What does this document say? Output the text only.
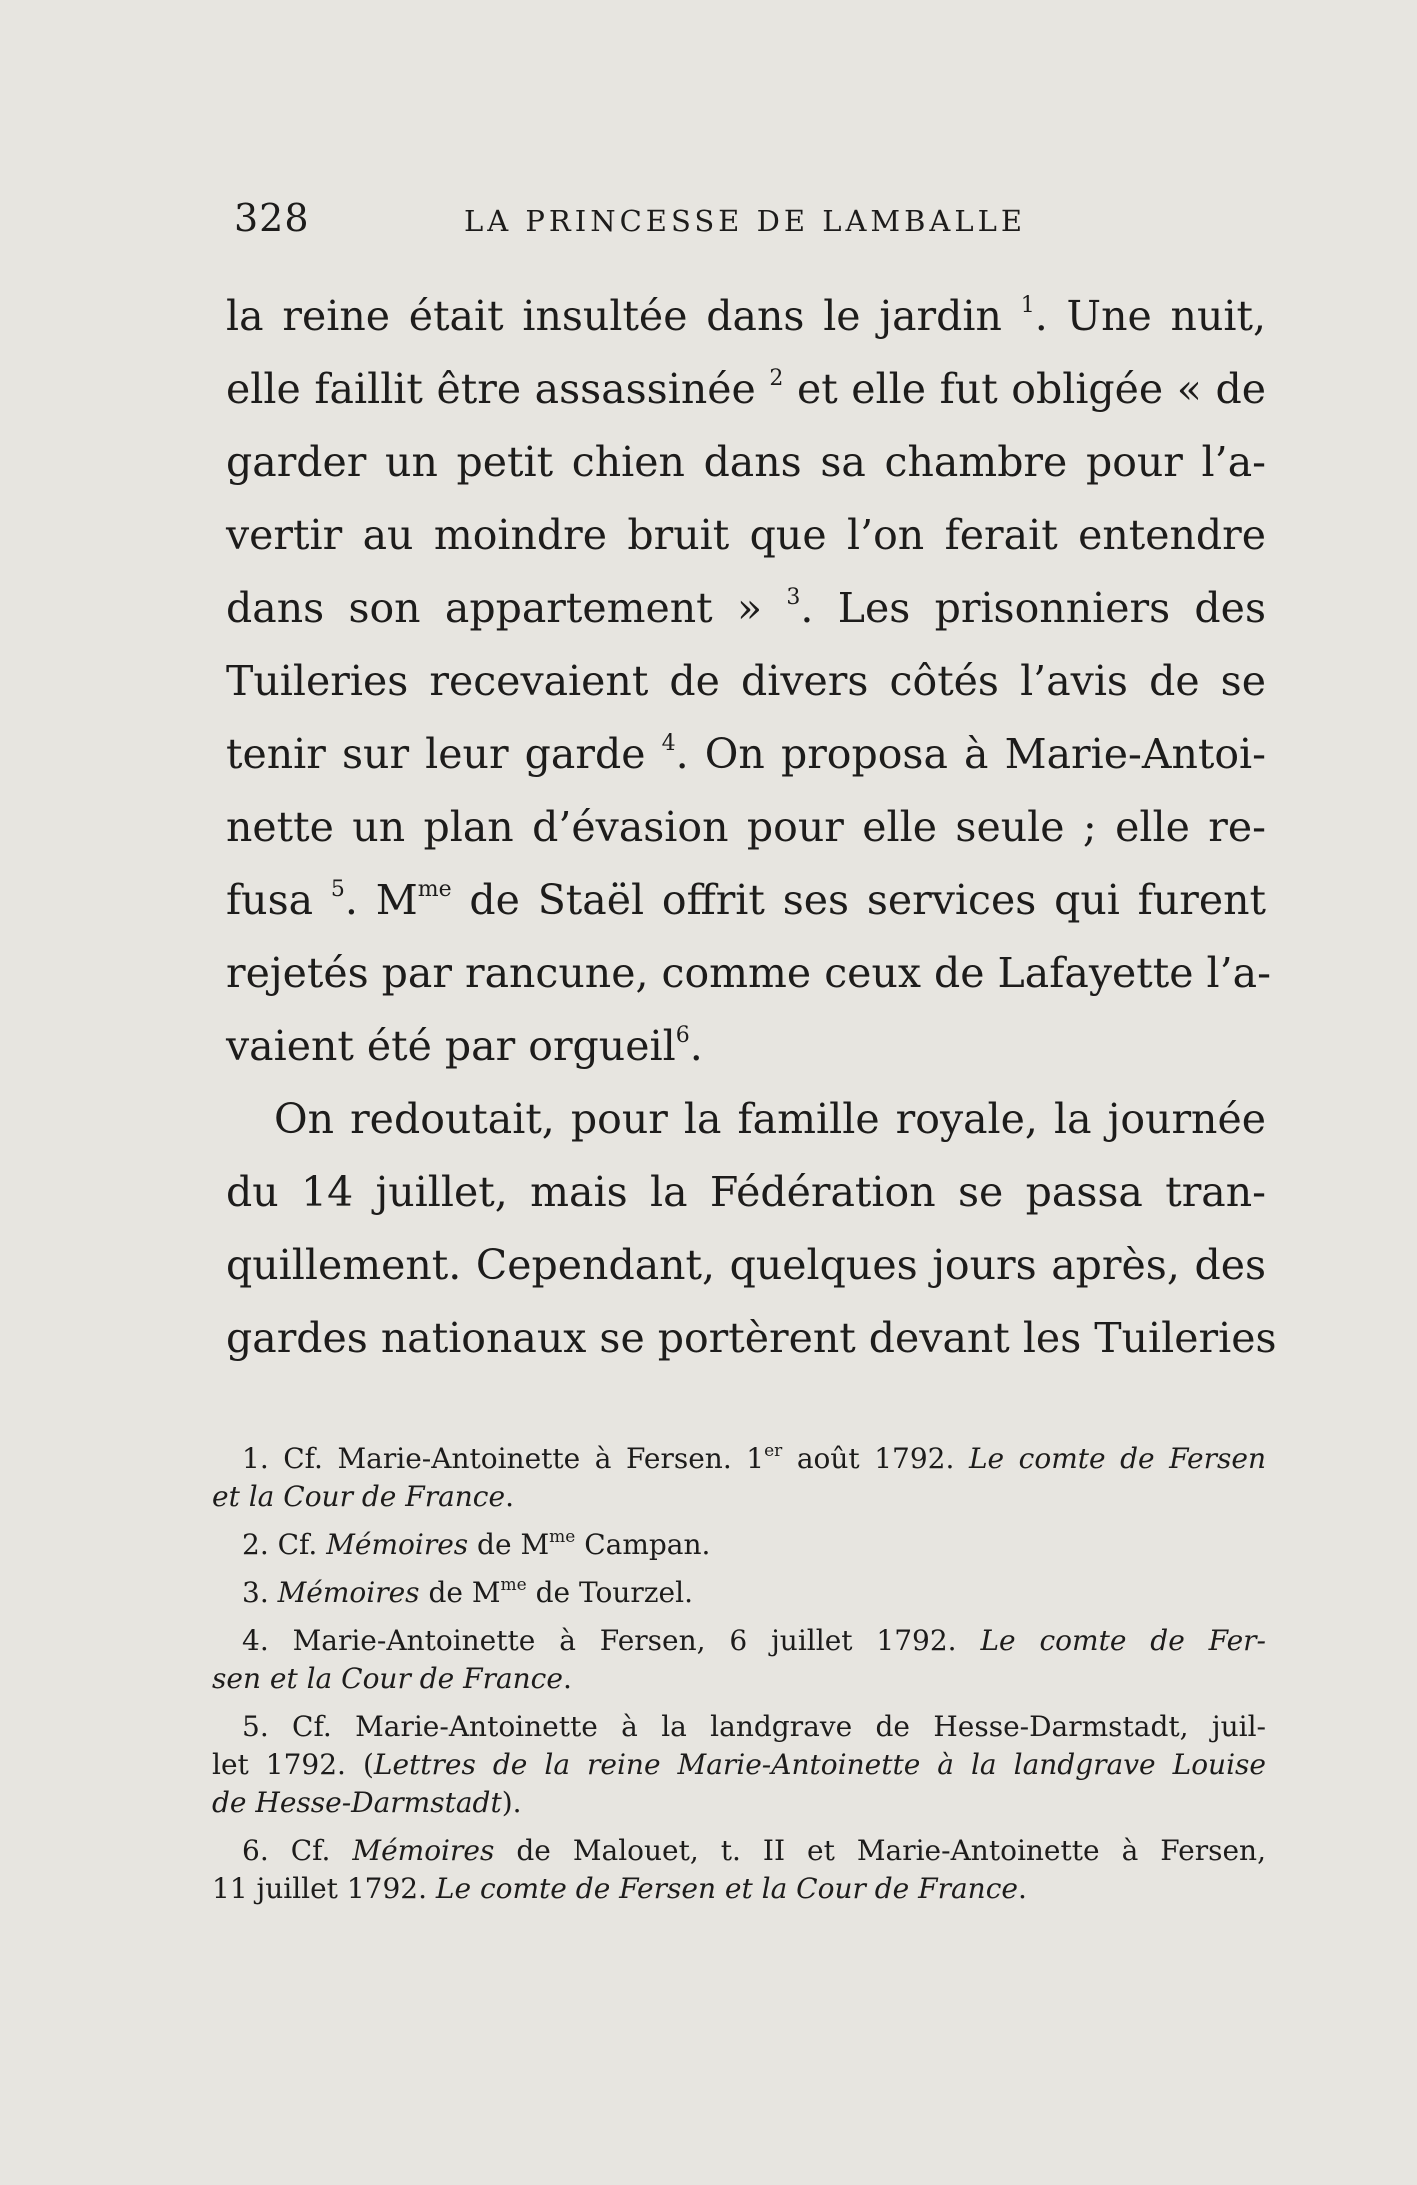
328	LA PRINCESSE DE LAMBALLE
la reine était insultée dans le jardin $^1$. Une nuit,
elle faillit être assassinée $^2$ et elle fut obligée « de
garder un petit chien dans sa chambre pour l’a-
vertir au moindre bruit que l’on ferait entendre
dans son appartement » $^3$. Les prisonniers des
Tuileries recevaient de divers côtés l’avis de se
tenir sur leur garde $^4$. On proposa à Marie-Antoi-
nette un plan d’évasion pour elle seule ; elle re-
fusa $^5$. $M^{me}$ de Staël offrit ses services qui furent
rejetés par rancune, comme ceux de Lafayette l’a-
vaient été par orgueil$^6$.
On redoutait, pour la famille royale, la journée
du 14 juillet, mais la Fédération se passa tran-
quillement. Cependant, quelques jours après, des
gardes nationaux se portèrent devant les Tuileries
1. Cf. Marie-Antoinette à Fersen. 1er août 1792. Le comte de Fersen
et la Cour de France.
2. Cf. Mémoires de $M^{me}$ Campan.
3. Mémoires de $M^{me}$ de Tourzel.
4. Marie-Antoinette à Fersen, 6 juillet 1792. Le comte de Fer-
sen et la Cour de France.
5. Cf. Marie-Antoinette à la landgrave de Hesse-Darmstadt, juil-
let 1792. (Lettres de la reine Marie-Antoinette à la landgrave Louise
de Hesse-Darmstadt).
6. Cf. Mémoires de Malouet, t. II et Marie-Antoinette à Fersen,
11 juillet 1792. Le comte de Fersen et la Cour de France.
